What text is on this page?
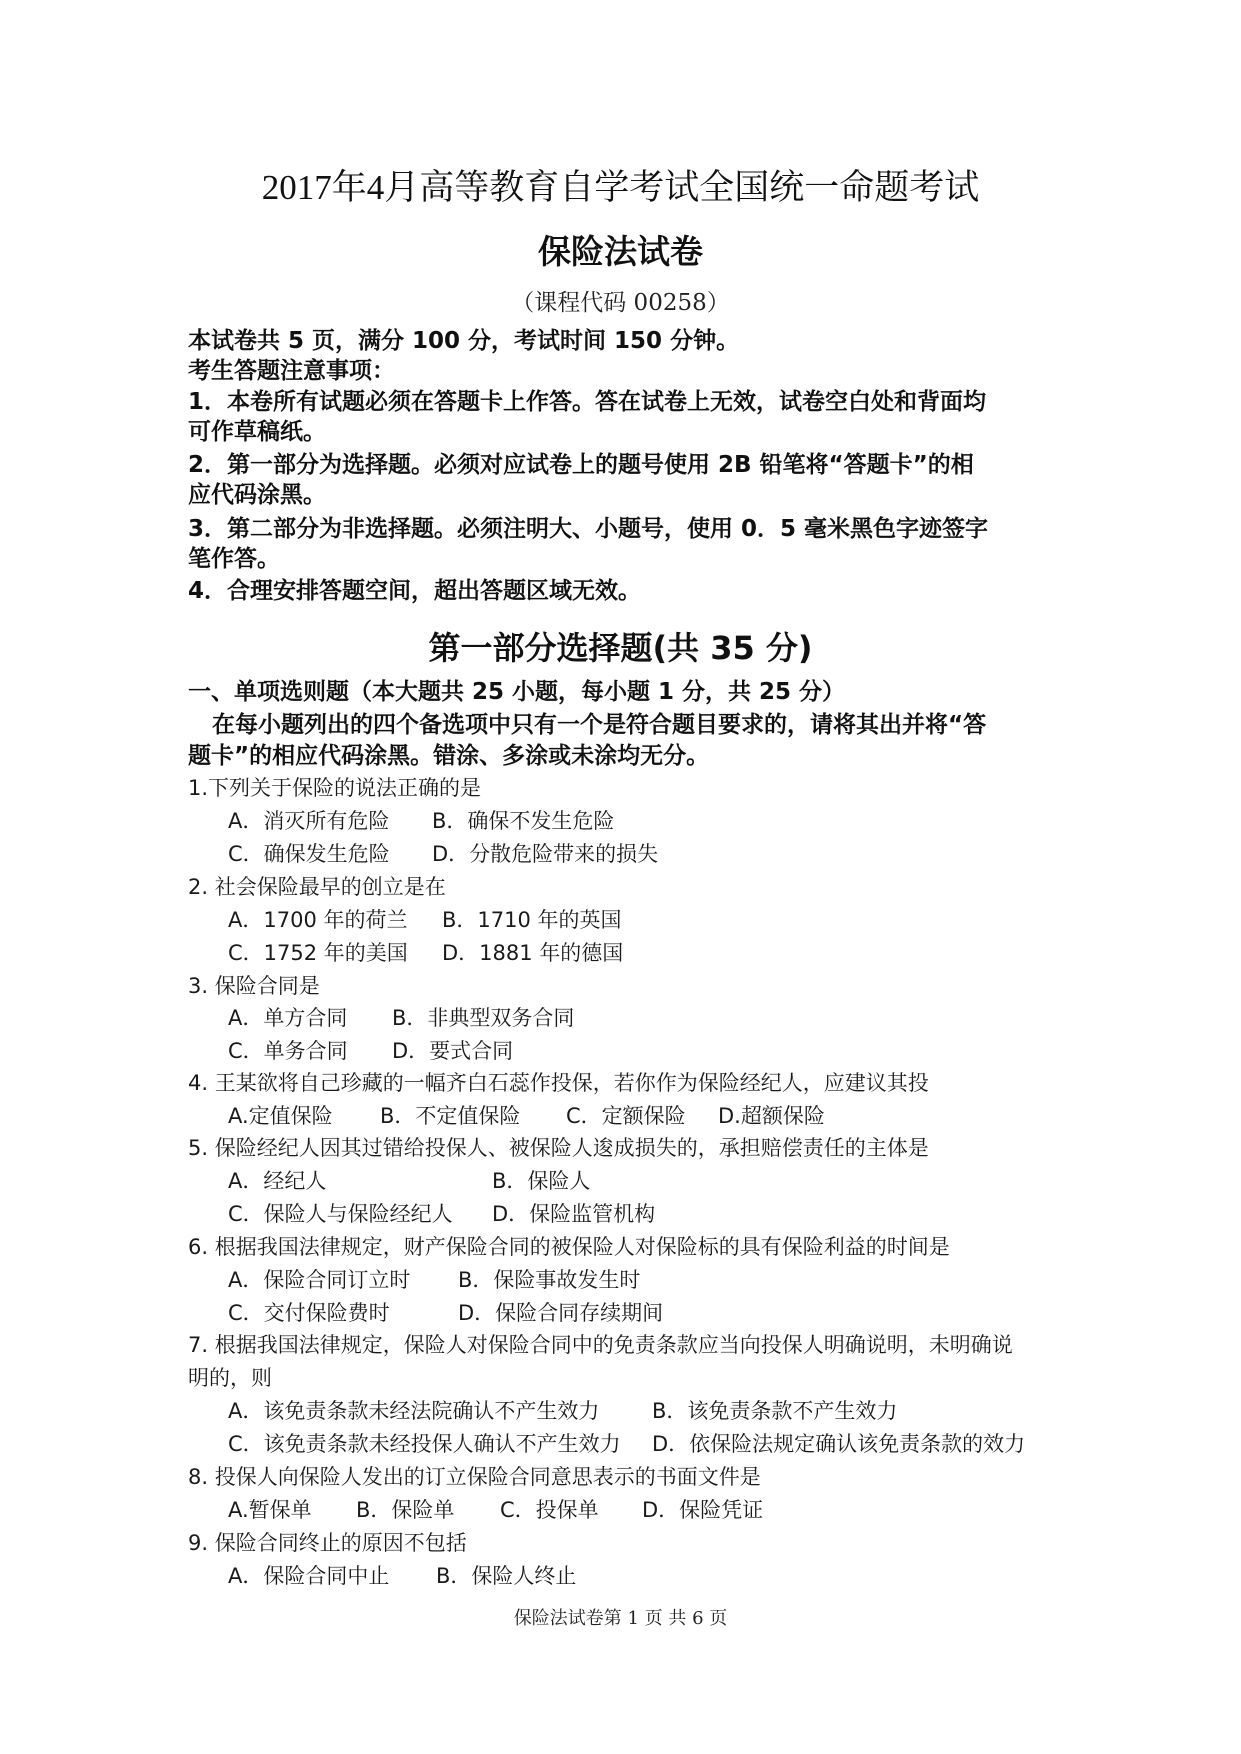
2017年4月高等教育自学考试全国统一命题考试
保险法试卷
（课程代码 00258）
本试卷共 5 页，满分 100 分，考试时间 150 分钟。
考生答题注意事项：
1．本卷所有试题必须在答题卡上作答。答在试卷上无效，试卷空白处和背面均
可作草稿纸。
2．第一部分为选择题。必须对应试卷上的题号使用 2B 铅笔将“答题卡”的相
应代码涂黑。
3．第二部分为非选择题。必须注明大、小题号，使用 0．5 毫米黑色字迹签字
笔作答。
4．合理安排答题空间，超出答题区域无效。
第一部分选择题(共 35 分)
一、单项选则题（本大题共 25 小题，每小题 1 分，共 25 分）
在每小题列出的四个备选项中只有一个是符合题目要求的，请将其出并将“答
题卡”的相应代码涂黑。错涂、多涂或未涂均无分。
1.下列关于保险的说法正确的是
A．消灭所有危险 B．确保不发生危险
C．确保发生危险 D．分散危险带来的损失
2. 社会保险最早的创立是在
A．1700 年的荷兰 B．1710 年的英国
C．1752 年的美国 D．1881 年的德国
3. 保险合同是
A．单方合同 B．非典型双务合同
C．单务合同 D．要式合同
4. 王某欲将自己珍藏的一幅齐白石蕊作投保，若你作为保险经纪人，应建议其投
A.定值保险 B．不定值保险 C．定额保险 D.超额保险
5. 保险经纪人因其过错给投保人、被保险人逡成损失的，承担赔偿责任的主体是
A．经纪人	B．保险人
C．保险人与保险经纪人 D．保险监管机构
6. 根据我国法律规定，财产保险合同的被保险人对保险标的具有保险利益的时间是
A．保险合同订立时 B．保险事故发生时
C．交付保险费时	D．保险合同存续期间
7. 根据我国法律规定，保险人对保险合同中的免责条款应当向投保人明确说明，未明确说
明的，则
A．该免责条款未经法院确认不产生效力	B．该免责条款不产生效力
C．该免责条款未经投保人确认不产生效力 D．依保险法规定确认该免责条款的效力
8. 投保人向保险人发出的订立保险合同意思表示的书面文件是
A.暂保单 B．保险单 C．投保单 D．保险凭证
9. 保险合同终止的原因不包括
A．保险合同中止 B．保险人终止
保险法试卷第 1 页 共 6 页
